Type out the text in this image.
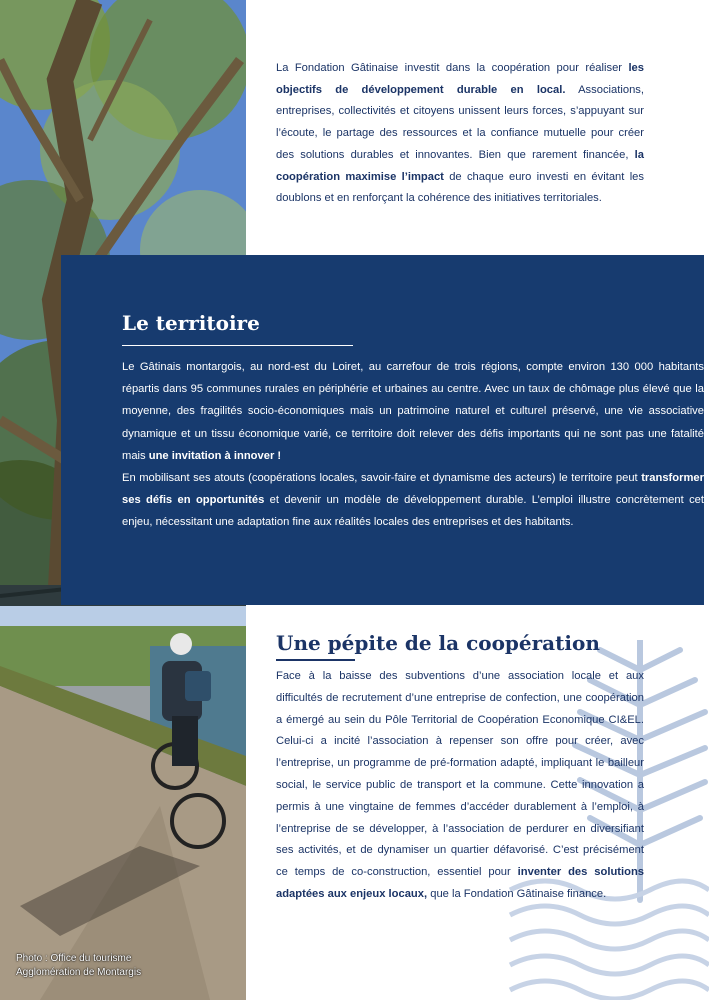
Photo : Office du tourisme
Agglomération de Montargis
La Fondation Gâtinaise investit dans la coopération pour réaliser les objectifs de développement durable en local. Associations, entreprises, collectivités et citoyens unissent leurs forces, s’appuyant sur l’écoute, le partage des ressources et la confiance mutuelle pour créer des solutions durables et innovantes. Bien que rarement financée, la coopération maximise l’impact de chaque euro investi en évitant les doublons et en renforçant la cohérence des initiatives territoriales.
Le territoire

Le Gâtinais montargois, au nord-est du Loiret, au carrefour de trois régions, compte environ 130 000 habitants répartis dans 95 communes rurales en périphérie et urbaines au centre. Avec un taux de chômage plus élevé que la moyenne, des fragilités socio-économiques mais un patrimoine naturel et culturel préservé, une vie associative dynamique et un tissu économique varié, ce territoire doit relever des défis importants qui ne sont pas une fatalité mais une invitation à innover !

En mobilisant ses atouts (coopérations locales, savoir-faire et dynamisme des acteurs) le territoire peut transformer ses défis en opportunités et devenir un modèle de développement durable. L’emploi illustre concrètement cet enjeu, nécessitant une adaptation fine aux réalités locales des entreprises et des habitants.

Une pépite de la coopération
Face à la baisse des subventions d’une association locale et aux difficultés de recrutement d’une entreprise de confection, une coopération a émergé au sein du Pôle Territorial de Coopération Economique CI&EL. Celui-ci a incité l’association à repenser son offre pour créer, avec l’entreprise, un programme de pré-formation adapté, impliquant le bailleur social, le service public de transport et la commune. Cette innovation a permis à une vingtaine de femmes d’accéder durablement à l’emploi, à l’entreprise de se développer, à l’association de perdurer en diversifiant ses activités, et de dynamiser un quartier défavorisé. C’est précisément ce temps de co-construction, essentiel pour inventer des solutions adaptées aux enjeux locaux, que la Fondation Gâtinaise finance.
